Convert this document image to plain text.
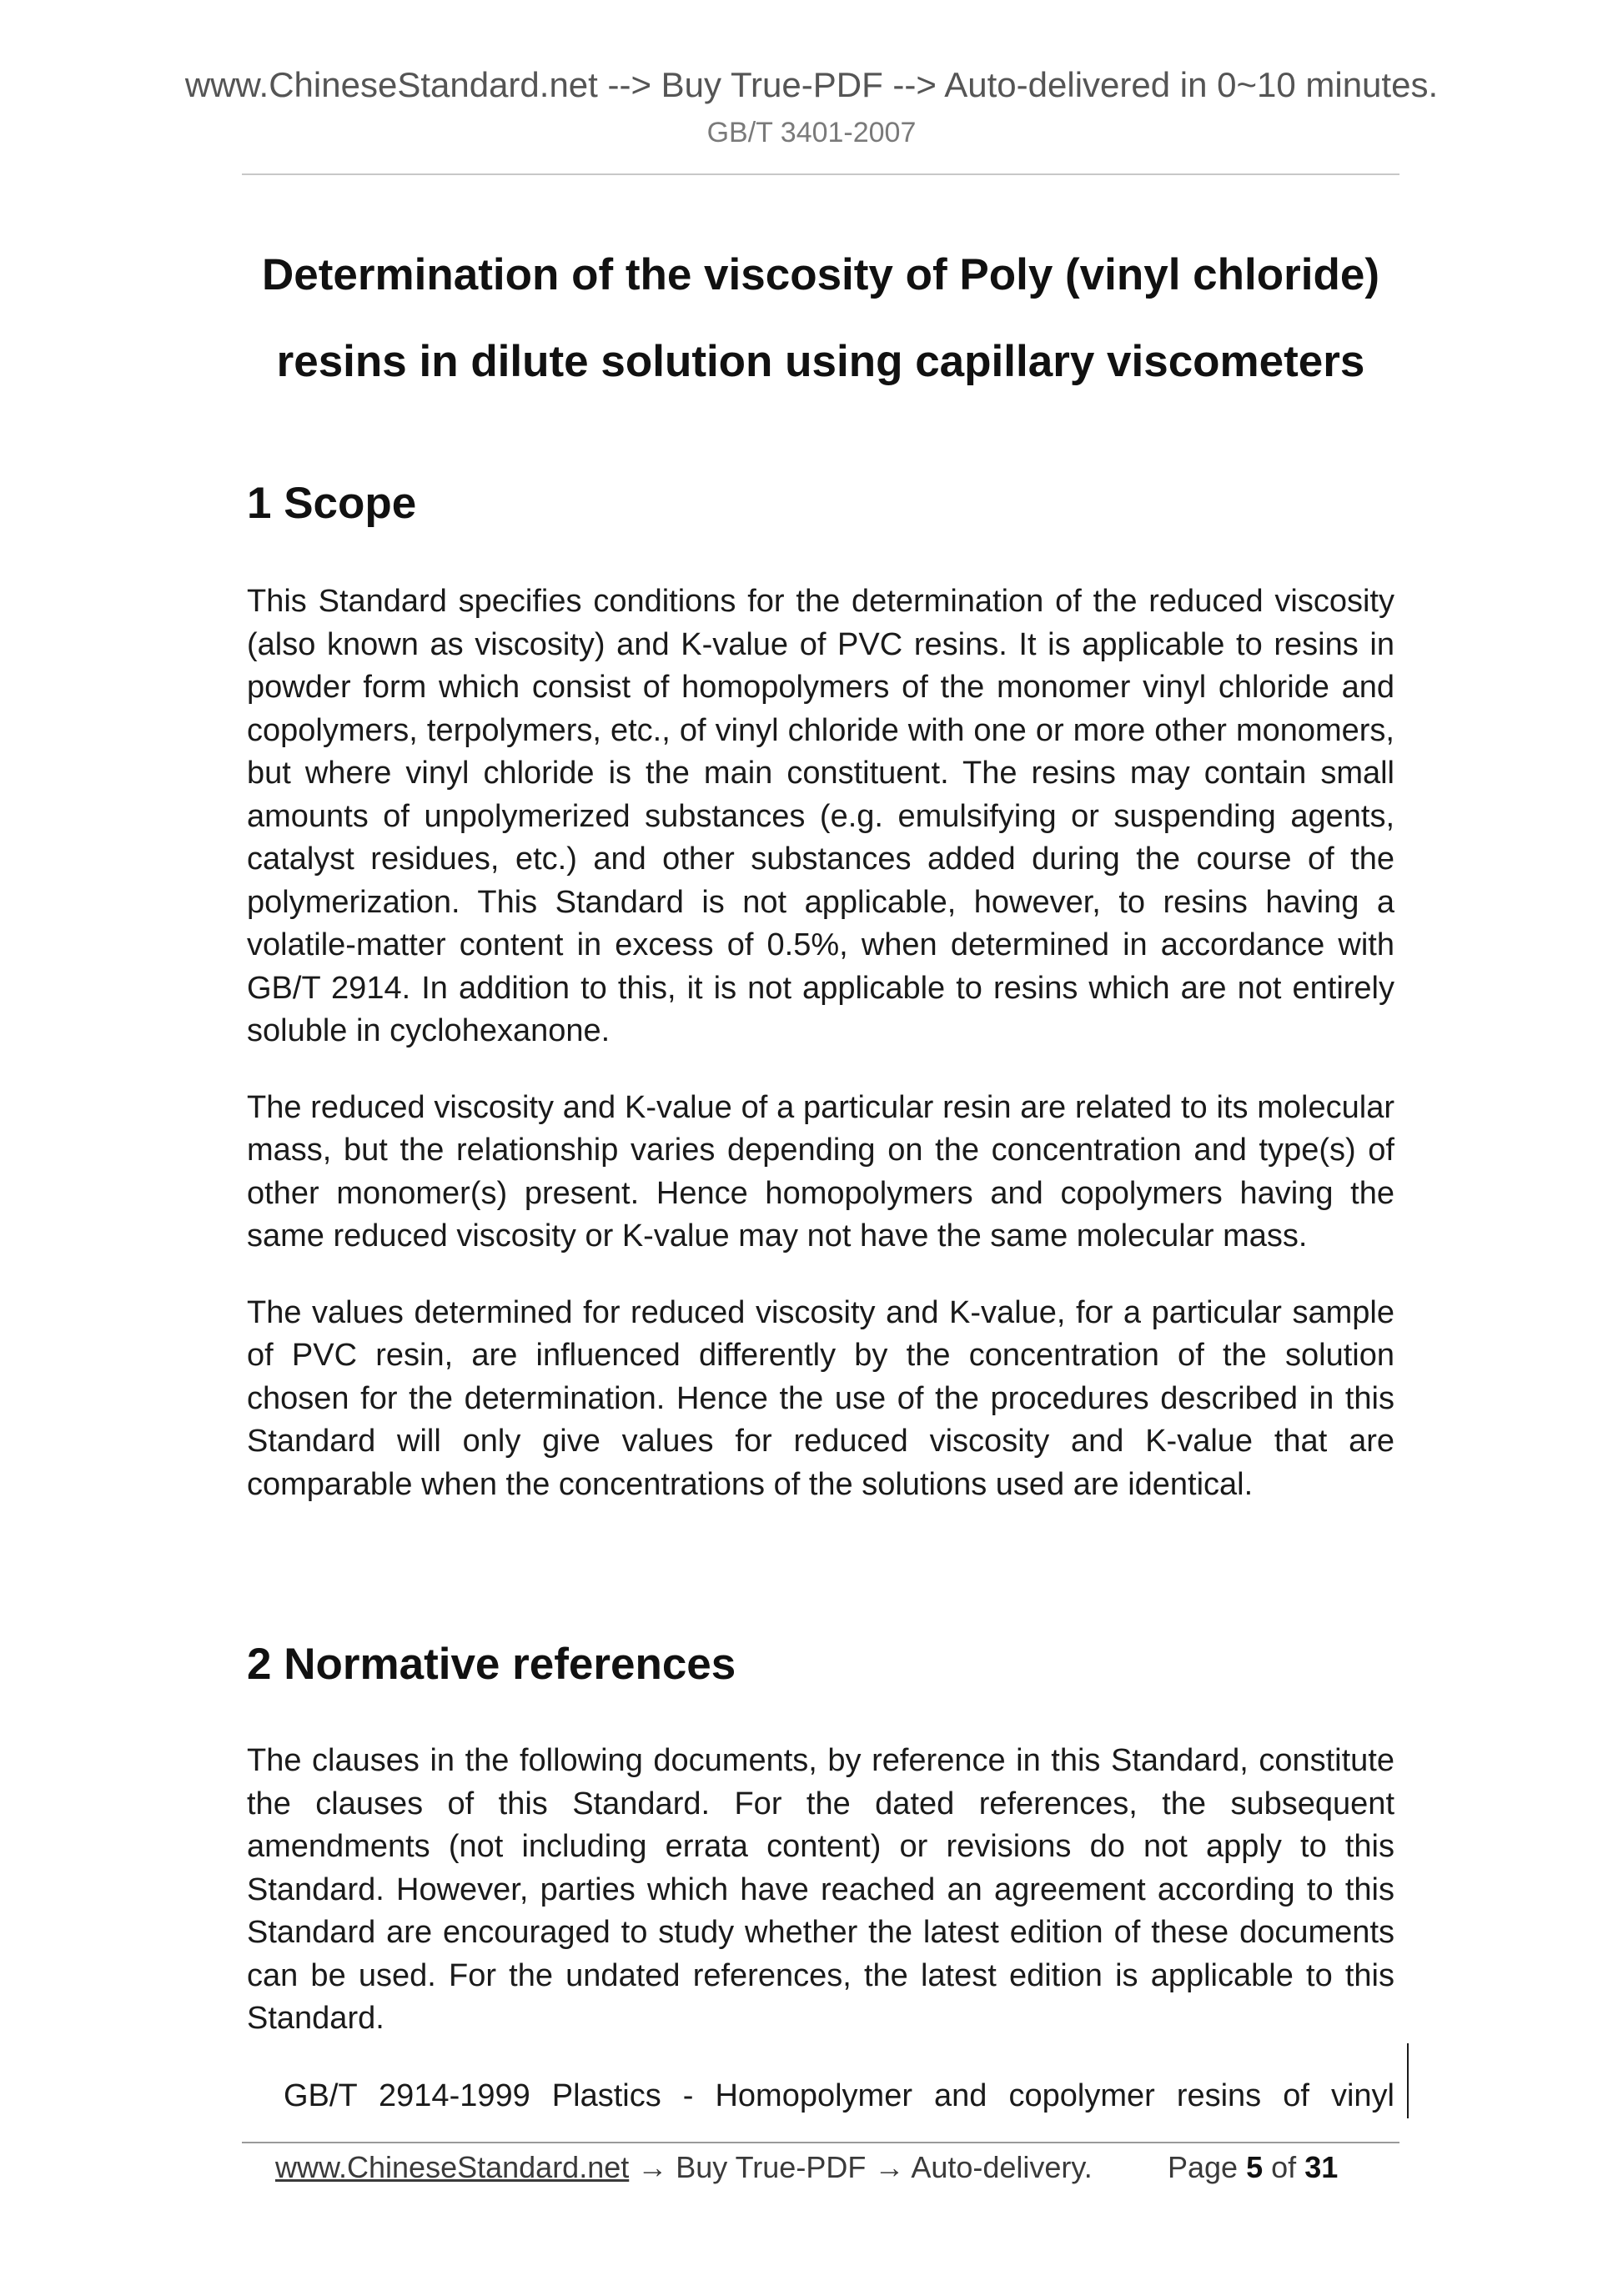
www.ChineseStandard.net --> Buy True-PDF --> Auto-delivered in 0~10 minutes.
GB/T 3401-2007
Determination of the viscosity of Poly (vinyl chloride)
resins in dilute solution using capillary viscometers
1 Scope

This Standard specifies conditions for the determination of the reduced viscosity (also known as viscosity) and K-value of PVC resins. It is applicable to resins in powder form which consist of homopolymers of the monomer vinyl chloride and copolymers, terpolymers, etc., of vinyl chloride with one or more other monomers, but where vinyl chloride is the main constituent. The resins may contain small amounts of unpolymerized substances (e.g. emulsifying or suspending agents, catalyst residues, etc.) and other substances added during the course of the polymerization. This Standard is not applicable, however, to resins having a volatile-matter content in excess of 0.5%, when determined in accordance with GB/T 2914. In addition to this, it is not applicable to resins which are not entirely soluble in cyclohexanone.

The reduced viscosity and K-value of a particular resin are related to its molecular mass, but the relationship varies depending on the concentration and type(s) of other monomer(s) present. Hence homopolymers and copolymers having the same reduced viscosity or K-value may not have the same molecular mass.

The values determined for reduced viscosity and K-value, for a particular sample of PVC resin, are influenced differently by the concentration of the solution chosen for the determination. Hence the use of the procedures described in this Standard will only give values for reduced viscosity and K-value that are comparable when the concentrations of the solutions used are identical.

2 Normative references

The clauses in the following documents, by reference in this Standard, constitute the clauses of this Standard. For the dated references, the subsequent amendments (not including errata content) or revisions do not apply to this Standard. However, parties which have reached an agreement according to this Standard are encouraged to study whether the latest edition of these documents can be used. For the undated references, the latest edition is applicable to this Standard.

GB/T 2914-1999 Plastics - Homopolymer and copolymer resins of vinyl
www.ChineseStandard.net → Buy True-PDF → Auto-delivery.	Page 5 of 31
